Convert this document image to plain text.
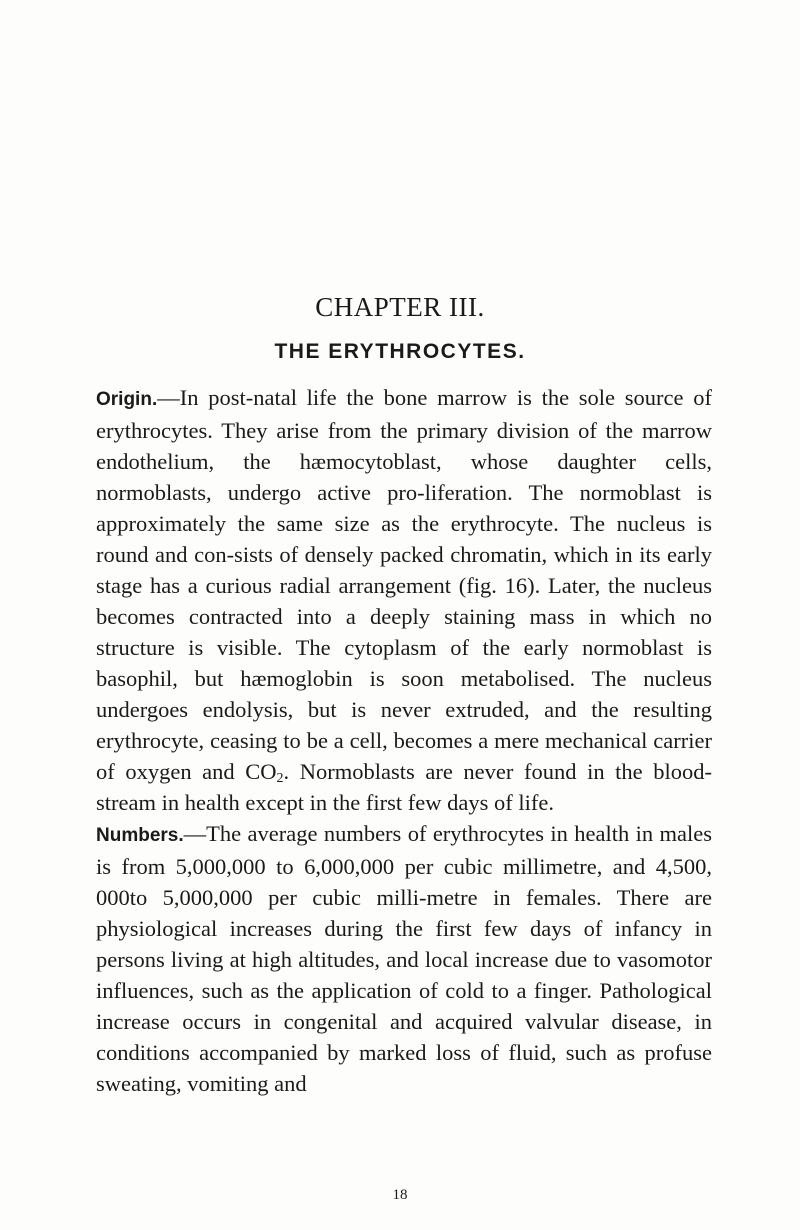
CHAPTER III.
THE ERYTHROCYTES.

Origin.—In post-natal life the bone marrow is the sole source of erythrocytes. They arise from the primary division of the marrow endothelium, the hæmocytoblast, whose daughter cells, normoblasts, undergo active pro-liferation. The normoblast is approximately the same size as the erythrocyte. The nucleus is round and con-sists of densely packed chromatin, which in its early stage has a curious radial arrangement (fig. 16). Later, the nucleus becomes contracted into a deeply staining mass in which no structure is visible. The cytoplasm of the early normoblast is basophil, but hæmoglobin is soon metabolised. The nucleus undergoes endolysis, but is never extruded, and the resulting erythrocyte, ceasing to be a cell, becomes a mere mechanical carrier of oxygen and $CO_2$. Normoblasts are never found in the blood-stream in health except in the first few days of life.

Numbers.—The average numbers of erythrocytes in health in males is from 5,000,000 to 6,000,000 per cubic millimetre, and 4,500, 000to 5,000,000 per cubic milli-metre in females. There are physiological increases during the first few days of infancy in persons living at high altitudes, and local increase due to vasomotor influences, such as the application of cold to a finger. Pathological increase occurs in congenital and acquired valvular disease, in conditions accompanied by marked loss of fluid, such as profuse sweating, vomiting and

18
